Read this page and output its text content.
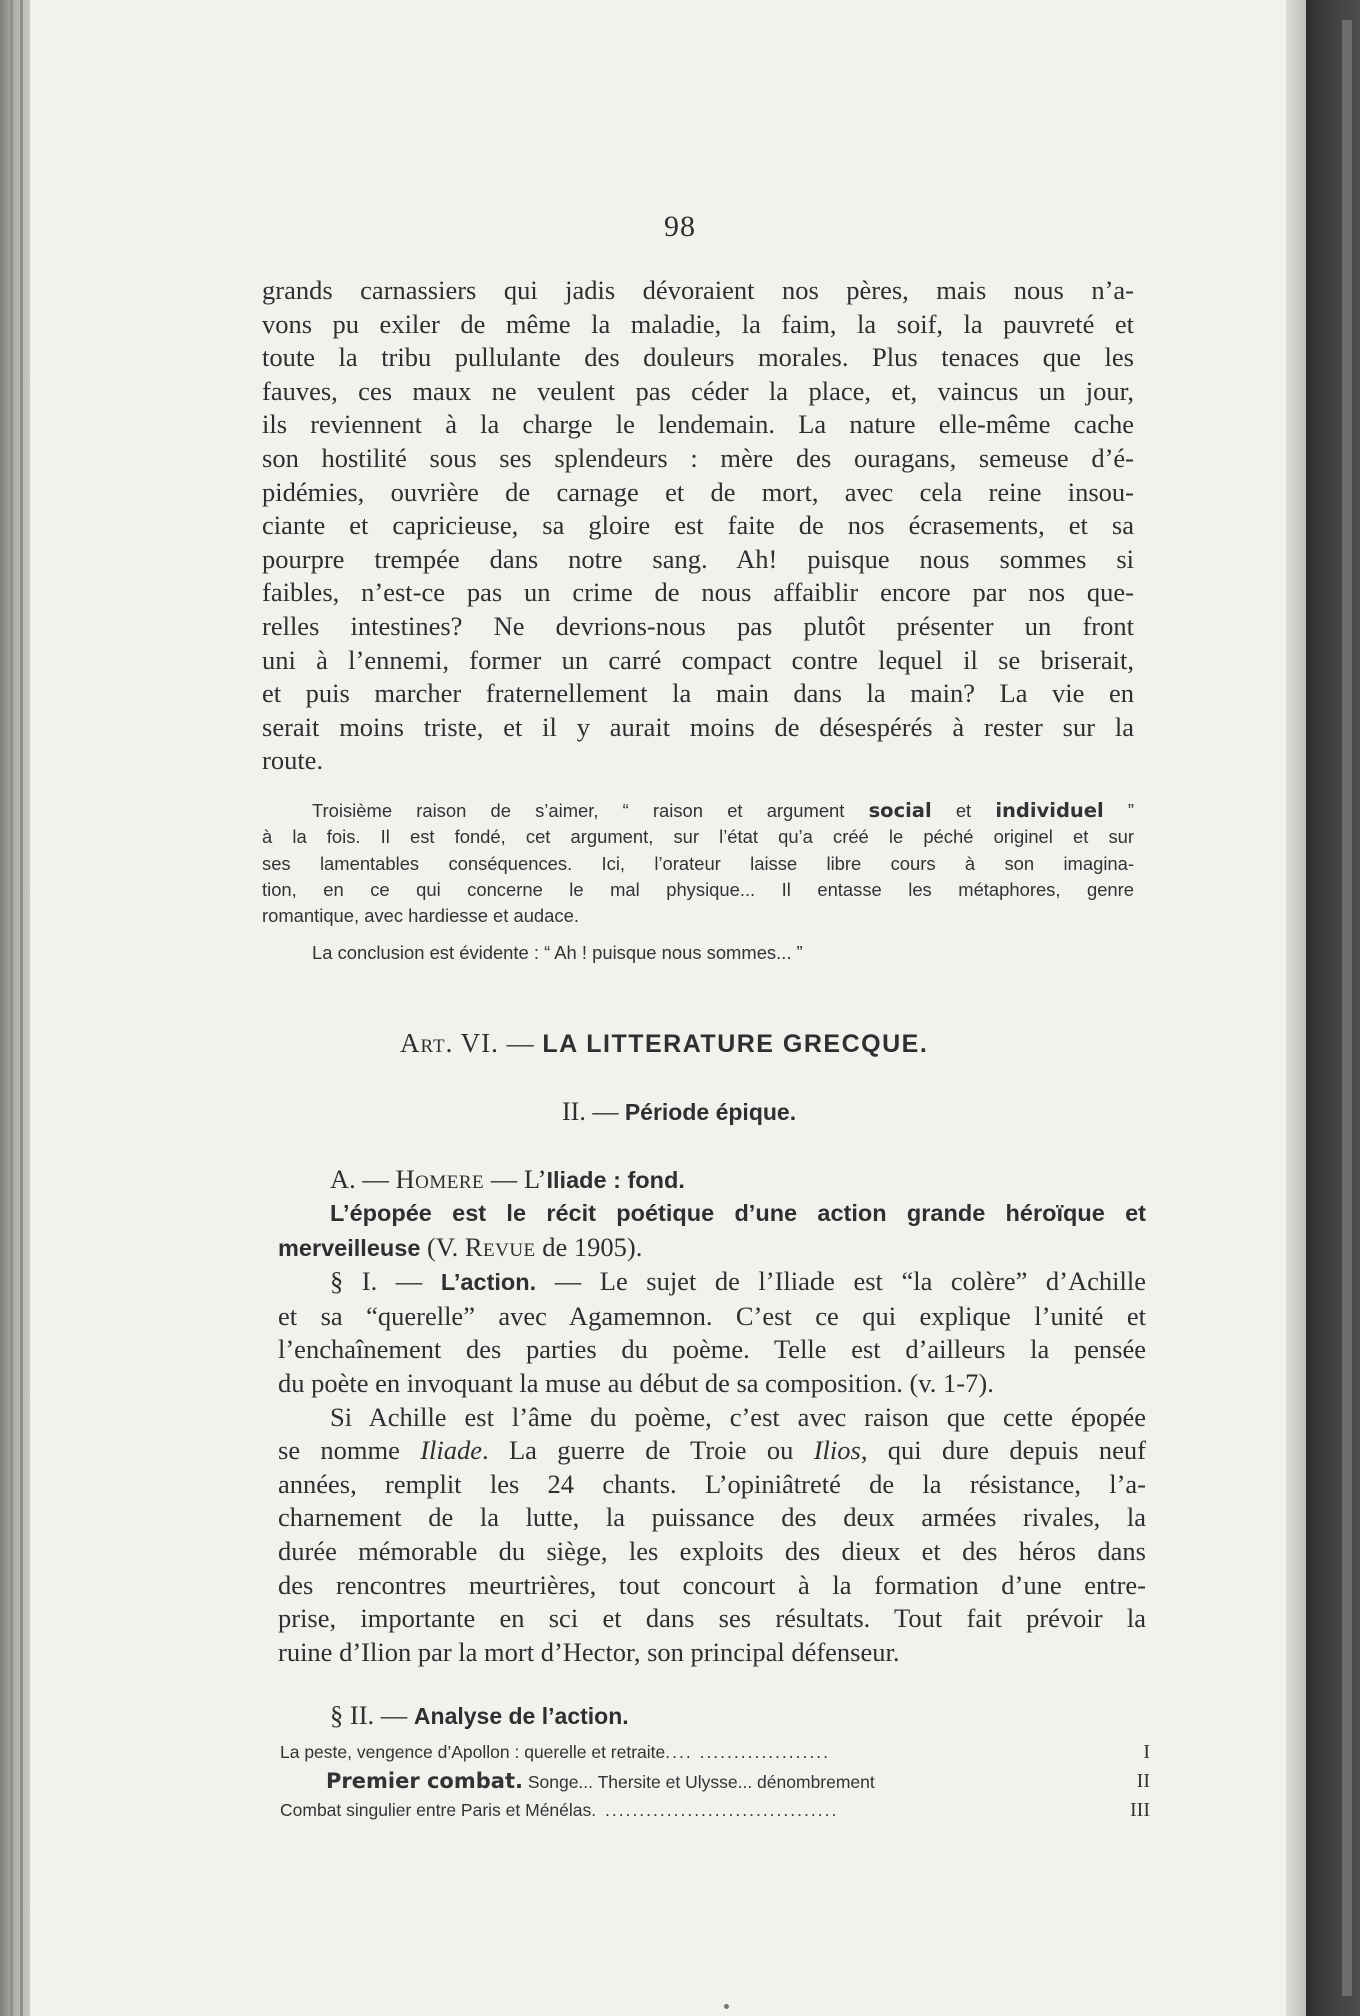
98
grands carnassiers qui jadis dévoraient nos pères, mais nous n’a-
vons pu exiler de même la maladie, la faim, la soif, la pauvreté et
toute la tribu pullulante des douleurs morales. Plus tenaces que les
fauves, ces maux ne veulent pas céder la place, et, vaincus un jour,
ils reviennent à la charge le lendemain. La nature elle-même cache
son hostilité sous ses splendeurs : mère des ouragans, semeuse d’é-
pidémies, ouvrière de carnage et de mort, avec cela reine insou-
ciante et capricieuse, sa gloire est faite de nos écrasements, et sa
pourpre trempée dans notre sang. Ah! puisque nous sommes si
faibles, n’est-ce pas un crime de nous affaiblir encore par nos que-
relles intestines? Ne devrions-nous pas plutôt présenter un front
uni à l’ennemi, former un carré compact contre lequel il se briserait,
et puis marcher fraternellement la main dans la main? La vie en
serait moins triste, et il y aurait moins de désespérés à rester sur la
route.
Troisième raison de s’aimer, “ raison et argument social et individuel ”
à la fois. Il est fondé, cet argument, sur l’état qu’a créé le péché originel et sur
ses lamentables conséquences. Ici, l’orateur laisse libre cours à son imagina-
tion, en ce qui concerne le mal physique... Il entasse les métaphores, genre
romantique, avec hardiesse et audace.
La conclusion est évidente : “ Ah ! puisque nous sommes... ”
Art. VI. — LA LITTERATURE GRECQUE.
II. — Période épique.
A. — Homere — L’Iliade : fond.
L’épopée est le récit poétique d’une action grande héroïque et
merveilleuse (V. Revue de 1905).
§ I. — L’action. — Le sujet de l’Iliade est “la colère” d’Achille
et sa “querelle” avec Agamemnon. C’est ce qui explique l’unité et
l’enchaînement des parties du poème. Telle est d’ailleurs la pensée
du poète en invoquant la muse au début de sa composition. (v. 1-7).
Si Achille est l’âme du poème, c’est avec raison que cette épopée
se nomme Iliade. La guerre de Troie ou Ilios, qui dure depuis neuf
années, remplit les 24 chants. L’opiniâtreté de la résistance, l’a-
charnement de la lutte, la puissance des deux armées rivales, la
durée mémorable du siège, les exploits des dieux et des héros dans
des rencontres meurtrières, tout concourt à la formation d’une entre-
prise, importante en sci et dans ses résultats. Tout fait prévoir la
ruine d’Ilion par la mort d’Hector, son principal défenseur.
§ II. — Analyse de l’action.
La peste, vengence d’Apollon : querelle et retraite.... ...................	I
Premier combat. Songe... Thersite et Ulysse... dénombrement	II
Combat singulier entre Paris et Ménélas. ..................................	III
